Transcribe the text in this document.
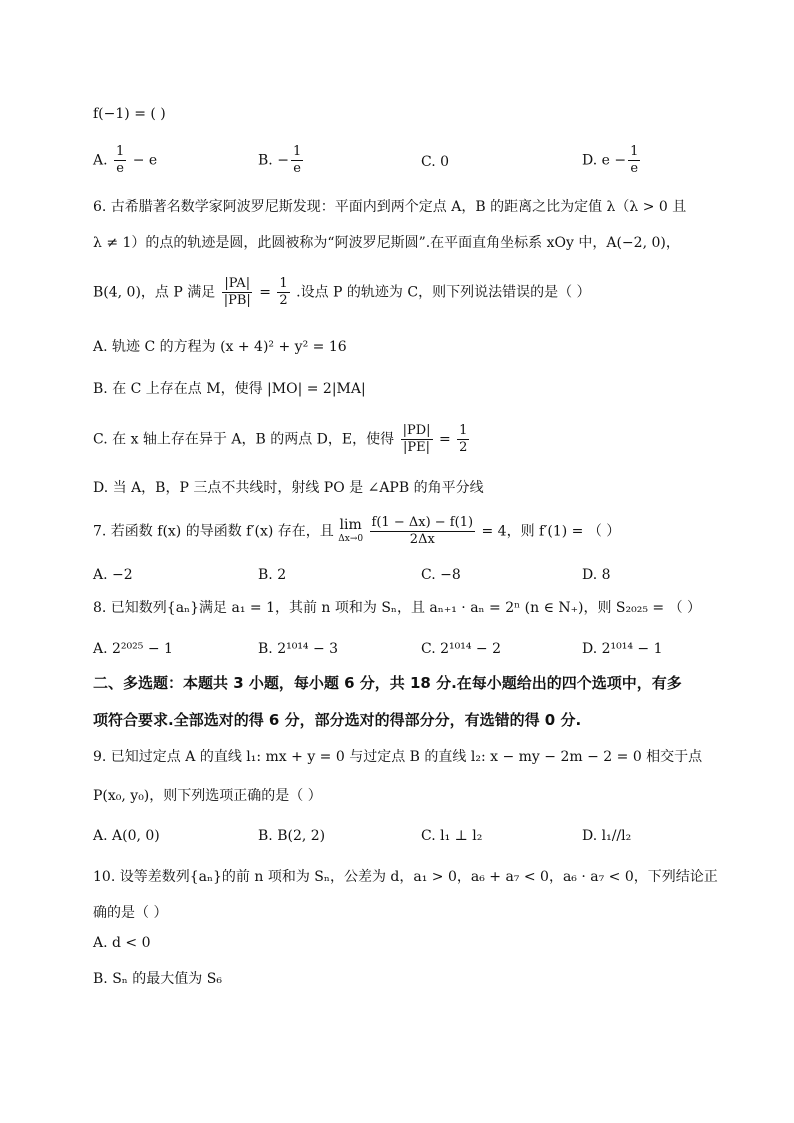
f(−1) = ( )
A. $\frac{1}{e} - e$	B. − $\frac{1}{e}$	C. 0	D. $e - \frac{1}{e}$
6. 古希腊著名数学家阿波罗尼斯发现：平面内到两个定点 A，B 的距离之比为定值 λ（λ > 0 且
λ ≠ 1）的点的轨迹是圆，此圆被称为“阿波罗尼斯圆”.在平面直角坐标系 xOy 中，A(−2, 0)，
B(4, 0)，点 P 满足 $\frac{|PA|}{|PB|} = \frac{1}{2}$ .设点 P 的轨迹为 C，则下列说法错误的是（ ）
A. 轨迹 C 的方程为 (x + 4)² + y² = 16
B. 在 C 上存在点 M，使得 |MO| = 2|MA|
C. 在 x 轴上存在异于 A，B 的两点 D，E，使得 $\frac{|PD|}{|PE|} = \frac{1}{2}$
D. 当 A，B，P 三点不共线时，射线 PO 是 ∠APB 的角平分线
7. 若函数 f(x) 的导函数 f′(x) 存在，且 lim
Δx→0
$\frac{f(1 - \Delta x) - f(1)}{2\Delta x} = 4$，则 f′(1) = （ ）
A. −2	B. 2	C. −8	D. 8
8. 已知数列{aₙ}满足 a₁ = 1，其前 n 项和为 Sₙ，且 aₙ₊₁ · aₙ = 2ⁿ (n ∈ N₊)，则 S₂₀₂₅ = （ ）
A. 2²⁰²⁵ − 1	B. 2¹⁰¹⁴ − 3	C. 2¹⁰¹⁴ − 2	D. 2¹⁰¹⁴ − 1
二、多选题：本题共 3 小题，每小题 6 分，共 18 分.在每小题给出的四个选项中，有多
项符合要求.全部选对的得 6 分，部分选对的得部分分，有选错的得 0 分.
9. 已知过定点 A 的直线 l₁: mx + y = 0 与过定点 B 的直线 l₂: x − my − 2m − 2 = 0 相交于点
P(x₀, y₀)，则下列选项正确的是（ ）
A. A(0, 0)	B. B(2, 2)	C. l₁ ⊥ l₂	D. l₁//l₂
10. 设等差数列{aₙ}的前 n 项和为 Sₙ，公差为 d，a₁ > 0，a₆ + a₇ < 0，a₆ · a₇ < 0，下列结论正
确的是（ ）
A. d < 0
B. Sₙ 的最大值为 S₆
